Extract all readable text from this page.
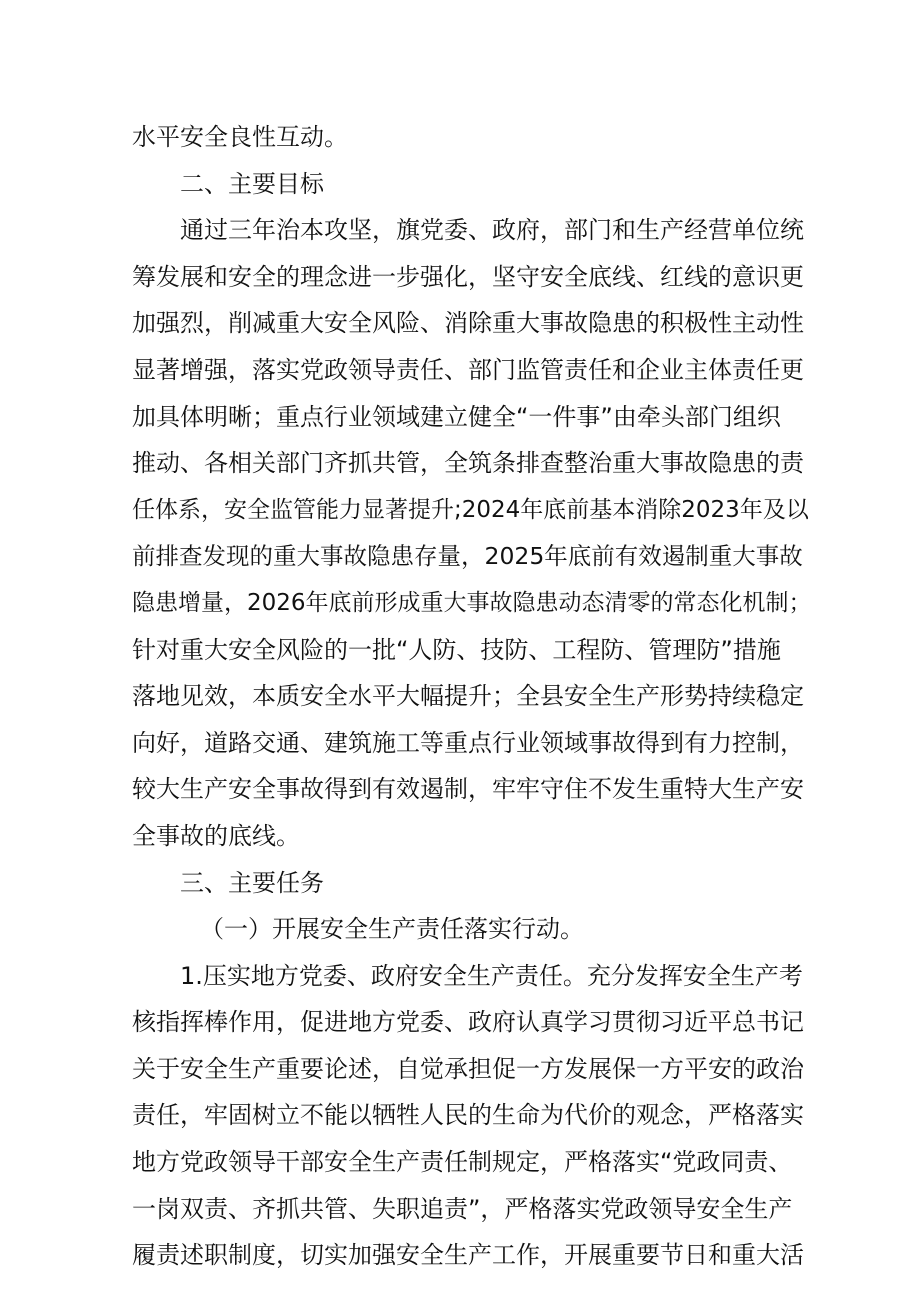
水平安全良性互动。
二、主要目标
通过三年治本攻坚，旗党委、政府，部门和生产经营单位统
筹发展和安全的理念进一步强化，坚守安全底线、红线的意识更
加强烈，削减重大安全风险、消除重大事故隐患的积极性主动性
显著增强，落实党政领导责任、部门监管责任和企业主体责任更
加具体明晰；重点行业领域建立健全“一件事”由牵头部门组织
推动、各相关部门齐抓共管，全筑条排查整治重大事故隐患的责
任体系，安全监管能力显著提升;2024年底前基本消除2023年及以
前排查发现的重大事故隐患存量，2025年底前有效遏制重大事故
隐患增量，2026年底前形成重大事故隐患动态清零的常态化机制；
针对重大安全风险的一批“人防、技防、工程防、管理防”措施
落地见效，本质安全水平大幅提升；全县安全生产形势持续稳定
向好，道路交通、建筑施工等重点行业领域事故得到有力控制，
较大生产安全事故得到有效遏制，牢牢守住不发生重特大生产安
全事故的底线。
三、主要任务
（一）开展安全生产责任落实行动。
1.压实地方党委、政府安全生产责任。充分发挥安全生产考
核指挥棒作用，促进地方党委、政府认真学习贯彻习近平总书记
关于安全生产重要论述，自觉承担促一方发展保一方平安的政治
责任，牢固树立不能以牺牲人民的生命为代价的观念，严格落实
地方党政领导干部安全生产责任制规定，严格落实“党政同责、
一岗双责、齐抓共管、失职追责”，严格落实党政领导安全生产
履责述职制度，切实加强安全生产工作，开展重要节日和重大活
